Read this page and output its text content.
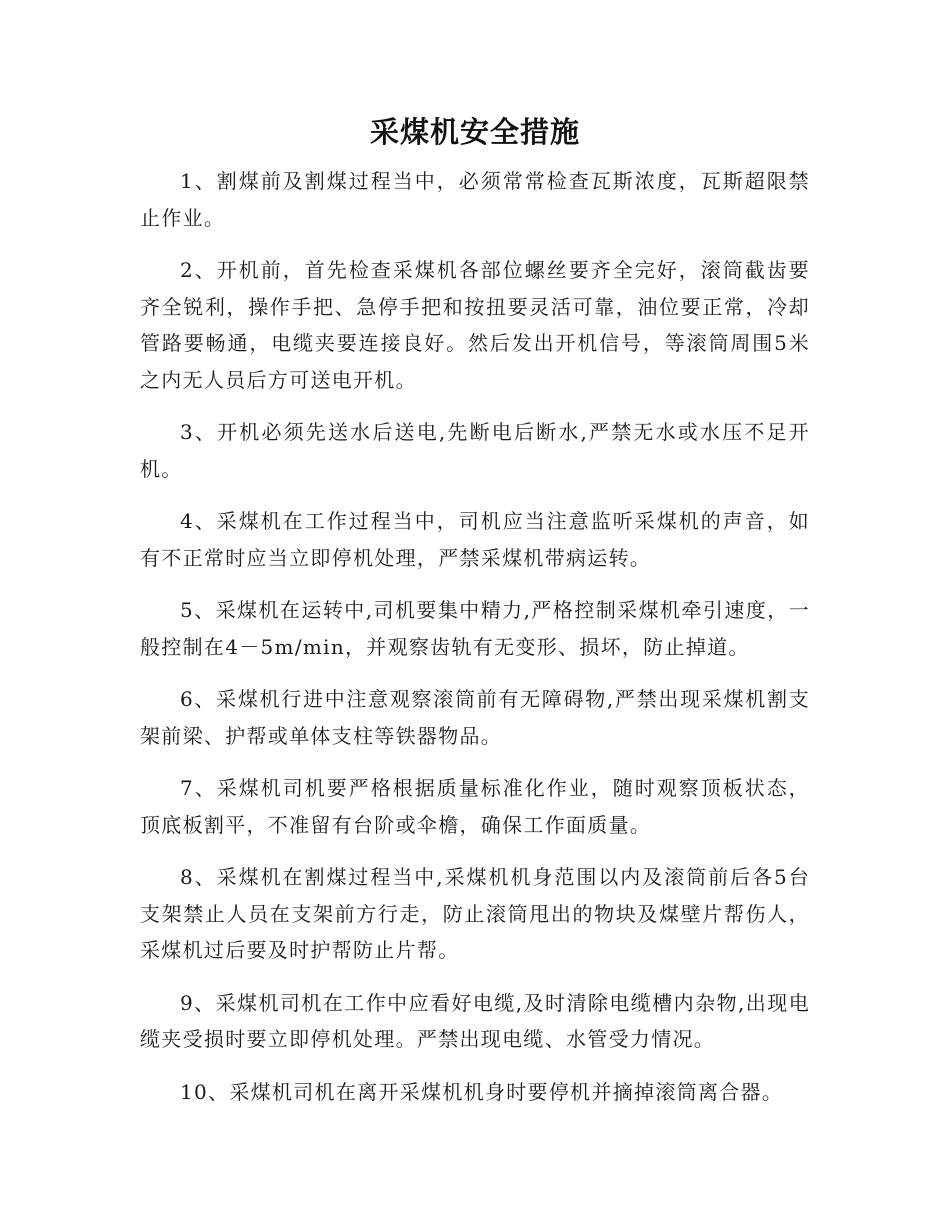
采煤机安全措施

1、割煤前及割煤过程当中，必须常常检查瓦斯浓度，瓦斯超限禁止作业。

2、开机前，首先检查采煤机各部位螺丝要齐全完好，滚筒截齿要齐全锐利，操作手把、急停手把和按扭要灵活可靠，油位要正常，冷却管路要畅通，电缆夹要连接良好。然后发出开机信号，等滚筒周围5米之内无人员后方可送电开机。

3、开机必须先送水后送电,先断电后断水,严禁无水或水压不足开机。

4、采煤机在工作过程当中，司机应当注意监听采煤机的声音，如有不正常时应当立即停机处理，严禁采煤机带病运转。

5、采煤机在运转中,司机要集中精力,严格控制采煤机牵引速度，一般控制在4－5m/min，并观察齿轨有无变形、损坏，防止掉道。

6、采煤机行进中注意观察滚筒前有无障碍物,严禁出现采煤机割支架前梁、护帮或单体支柱等铁器物品。

7、采煤机司机要严格根据质量标准化作业，随时观察顶板状态，顶底板割平，不准留有台阶或伞檐，确保工作面质量。

8、采煤机在割煤过程当中,采煤机机身范围以内及滚筒前后各5台支架禁止人员在支架前方行走，防止滚筒甩出的物块及煤壁片帮伤人，采煤机过后要及时护帮防止片帮。

9、采煤机司机在工作中应看好电缆,及时清除电缆槽内杂物,出现电缆夹受损时要立即停机处理。严禁出现电缆、水管受力情况。

10、采煤机司机在离开采煤机机身时要停机并摘掉滚筒离合器。
